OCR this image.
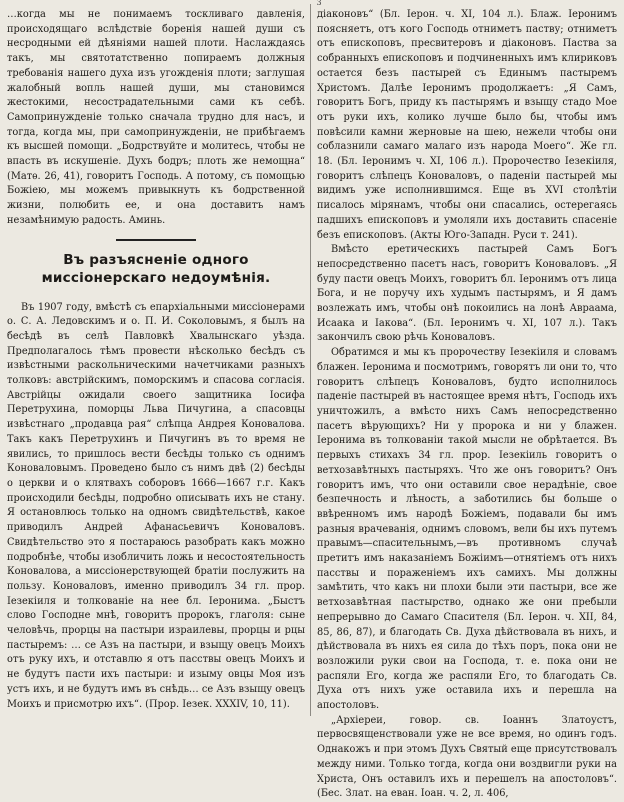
3

…когда мы не понимаемъ тоскливаго давленія, происходящаго вслѣдствіе боренія нашей души съ несродными ей дѣяніями нашей плоти. Наслаждаясь такъ, мы святотатственно попираемъ должныя требованія нашего духа изъ угожденія плоти; заглушая жалобный вопль нашей души, мы становимся жестокими, несострадательными сами къ себѣ. Самопринужденіе только сначала трудно для насъ, и тогда, когда мы, при самопринужденіи, не прибѣгаемъ къ высшей помощи. „Бодрствуйте и молитесь, чтобы не впасть въ искушеніе. Духъ бодръ; плоть же немощна“ (Матѳ. 26, 41), говоритъ Господь. А потому, съ помощью Божіею, мы можемъ привыкнуть къ бодрственной жизни, полюбить ее, и она доставитъ намъ незамѣнимую радость. Аминь.

Въ разъясненіе одного миссіонерскаго недоумѣнія.

Въ 1907 году, вмѣстѣ съ епархіальными миссіонерами о. С. А. Ледовскимъ и о. П. И. Соколовымъ, я былъ на бесѣдѣ въ селѣ Павловкѣ Хвалынскаго уѣзда. Предполагалось тѣмъ провести нѣсколько бесѣдъ съ извѣстными раскольническими начетчиками разныхъ толковъ: австрійскимъ, поморскимъ и спасова согласія. Австрійцы ожидали своего защитника Іосифа Перетрухина, поморцы Льва Пичугина, а спасовцы извѣстнаго „продавца рая“ слѣпца Андрея Коновалова. Такъ какъ Перетрухинъ и Пичугинъ въ то время не явились, то пришлось вести бесѣды только съ однимъ Коноваловымъ. Проведено было съ нимъ двѣ (2) бесѣды о церкви и о клятвахъ соборовъ 1666—1667 г.г. Какъ происходили бесѣды, подробно описывать ихъ не стану. Я остановлюсь только на одномъ свидѣтельствѣ, какое приводилъ Андрей Афанасьевичъ Коноваловъ. Свидѣтельство это я постараюсь разобрать какъ можно подробнѣе, чтобы изобличить ложь и несостоятельность Коновалова, а миссіонерствующей братіи послужить на пользу. Коноваловъ, именно приводилъ 34 гл. прор. Іезекіиля и толкованіе на нее бл. Іеронима. „Быстъ слово Господне мнѣ, говоритъ пророкъ, глаголя: сыне человѣчь, прорцы на пастыри израилевы, прорцы и рцы пастыремъ: … се Азъ на пастыри, и взыщу овецъ Моихъ отъ руку ихъ, и отставлю я отъ пасствы овецъ Моихъ и не будутъ пасти ихъ пастыри: и изыму овцы Моя изъ устъ ихъ, и не будутъ имъ въ снѣдь… се Азъ взыщу овецъ Моихъ и присмотрю ихъ“. (Прор. Іезек. XXXIV, 10, 11).

діаконовъ“ (Бл. Іерон. ч. XI, 104 л.). Блаж. Іеронимъ поясняетъ, отъ кого Господь отниметъ паству; отниметъ отъ епископовъ, пресвитеровъ и діаконовъ. Паства за собранныхъ епископовъ и подчиненныхъ имъ клириковъ остается безъ пастырей съ Единымъ пастыремъ Христомъ. Далѣе Іеронимъ продолжаетъ: „Я Самъ, говоритъ Богъ, приду къ пастырямъ и взыщу стадо Мое отъ руки ихъ, колико лучше было бы, чтобы имъ повѣсили камни жерновые на шею, нежели чтобы они соблазнили самаго малаго изъ народа Моего“. Же гл. 18. (Бл. Іеронимъ ч. XI, 106 л.). Пророчество Іезекіиля, говоритъ слѣпецъ Коноваловъ, о паденіи пастырей мы видимъ уже исполнившимся. Еще въ XVI столѣтіи писалось мірянамъ, чтобы они спасались, остерегаясь падшихъ епископовъ и умоляли ихъ доставить спасеніе безъ епископовъ. (Акты Юго-Западн. Руси т. 241).

Вмѣсто еретическихъ пастырей Самъ Богъ непосредственно пасетъ насъ, говоритъ Коноваловъ. „Я буду пасти овецъ Моихъ, говоритъ бл. Іеронимъ отъ лица Бога, и не поручу ихъ худымъ пастырямъ, и Я дамъ возлежать имъ, чтобы онѣ покоились на лонѣ Авраама, Исаака и Іакова“. (Бл. Іеронимъ ч. XI, 107 л.). Такъ закончилъ свою рѣчь Коноваловъ.

Обратимся и мы къ пророчеству Іезекіиля и словамъ блажен. Іеронима и посмотримъ, говорятъ ли они то, что говоритъ слѣпецъ Коноваловъ, будто исполнилось паденіе пастырей въ настоящее время нѣтъ, Господь ихъ уничтожилъ, а вмѣсто нихъ Самъ непосредственно пасетъ вѣрующихъ? Ни у пророка и ни у блажен. Іеронима въ толкованіи такой мысли не обрѣтается. Въ первыхъ стихахъ 34 гл. прор. Іезекіиль говоритъ о ветхозавѣтныхъ пастыряхъ. Что же онъ говоритъ? Онъ говоритъ имъ, что они оставили свое нерадѣніе, свое безпечность и лѣность, а заботились бы больше о ввѣренномъ имъ народѣ Божіемъ, подавали бы имъ разныя врачеванія, однимъ словомъ, вели бы ихъ путемъ правымъ—спасительнымъ,—въ противномъ случаѣ претитъ имъ наказаніемъ Божіимъ—отнятіемъ отъ нихъ пасствы и пораженіемъ ихъ самихъ. Мы должны замѣтить, что какъ ни плохи были эти пастыри, все же ветхозавѣтная пастырство, однако же они пребыли непрерывно до Самаго Спасителя (Бл. Іерон. ч. XII, 84, 85, 86, 87), и благодать Св. Духа дѣйствовала въ нихъ, и дѣйствовала въ нихъ ея сила до тѣхъ поръ, пока они не возложили руки свои на Господа, т. е. пока они не распяли Его, когда же распяли Его, то благодать Св. Духа отъ нихъ уже оставила ихъ и перешла на апостоловъ.

„Архіереи, говор. св. Іоаннъ Златоустъ, первосвященствовали уже не все время, но одинъ годъ. Однакожъ и при этомъ Духъ Святый еще присутствовалъ между ними. Только тогда, когда они воздвигли руки на Христа, Онъ оставилъ ихъ и перешелъ на апостоловъ“. (Бес. Злат. на еван. Іоан. ч. 2, л. 406,
